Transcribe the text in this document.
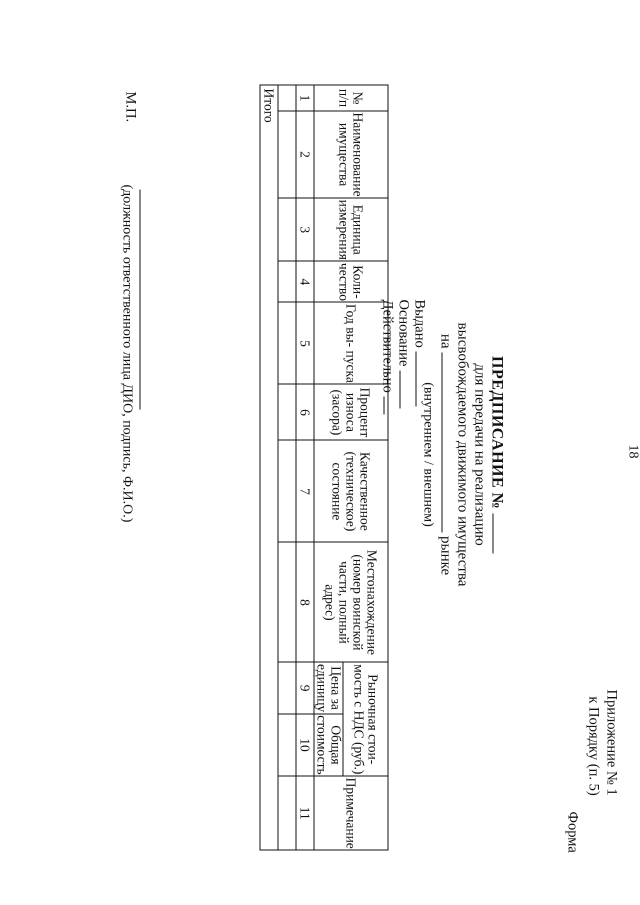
18
Приложение № 1
к Порядку (п. 5)
Форма
ПРЕДПИСАНИЕ №
для передачи на реализацию
высвобождаемого движимого имущества
на  рынке
(внутреннем / внешнем)
Выдано
Основание
Действительно
№ п/п	Наименование имущества	Единица измерения	Коли- чество	Год вы- пуска	Процент износа (засора)	Качественное (техническое) состояние	Местонахождение (номер воинской части, полный адрес)	Рыночная стои- мость с НДС (руб.)		Примечание
								Цена за единицу	Общая стоимость	
1	2	3	4	5	6	7	8	9	10	11

Итого										
М.П.
(должность ответственного лица ДИО, подпись, Ф.И.О.)
